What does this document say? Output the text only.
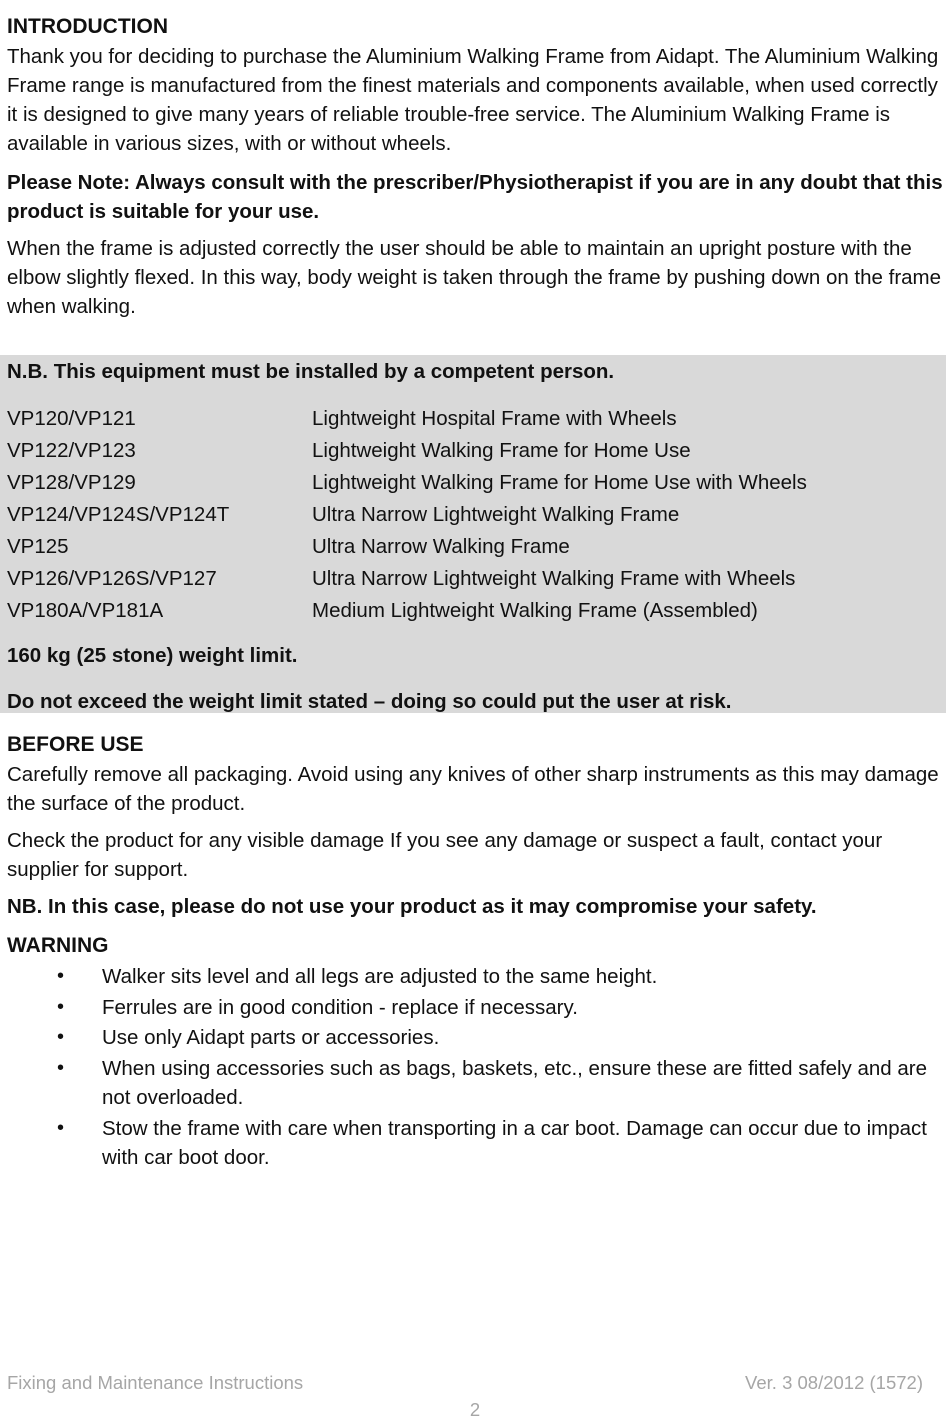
INTRODUCTION

Thank you for deciding to purchase the Aluminium Walking Frame from Aidapt. The Aluminium Walking Frame range is manufactured from the finest materials and components available, when used correctly it is designed to give many years of reliable trouble-free service. The Aluminium Walking Frame is available in various sizes, with or without wheels.

Please Note: Always consult with the prescriber/Physiotherapist if you are in any doubt that this product is suitable for your use.

When the frame is adjusted correctly the user should be able to maintain an upright posture with the elbow slightly flexed. In this way, body weight is taken through the frame by pushing down on the frame when walking.

N.B. This equipment must be installed by a competent person.
VP120/VP121	Lightweight Hospital Frame with Wheels
VP122/VP123	Lightweight Walking Frame for Home Use
VP128/VP129	Lightweight Walking Frame for Home Use with Wheels
VP124/VP124S/VP124T	Ultra Narrow Lightweight Walking Frame
VP125	Ultra Narrow Walking Frame
VP126/VP126S/VP127	Ultra Narrow Lightweight Walking Frame with Wheels
VP180A/VP181A	Medium Lightweight Walking Frame (Assembled)
160 kg (25 stone) weight limit.
Do not exceed the weight limit stated – doing so could put the user at risk.
BEFORE USE

Carefully remove all packaging. Avoid using any knives of other sharp instruments as this may damage the surface of the product.

Check the product for any visible damage If you see any damage or suspect a fault, contact your supplier for support.

NB. In this case, please do not use your product as it may compromise your safety.

WARNING
• Walker sits level and all legs are adjusted to the same height.
• Ferrules are in good condition - replace if necessary.
• Use only Aidapt parts or accessories.
• When using accessories such as bags, baskets, etc., ensure these are fitted safely and are not overloaded.
• Stow the frame with care when transporting in a car boot. Damage can occur due to impact with car boot door.
Fixing and Maintenance Instructions	Ver. 3 08/2012 (1572)
2
